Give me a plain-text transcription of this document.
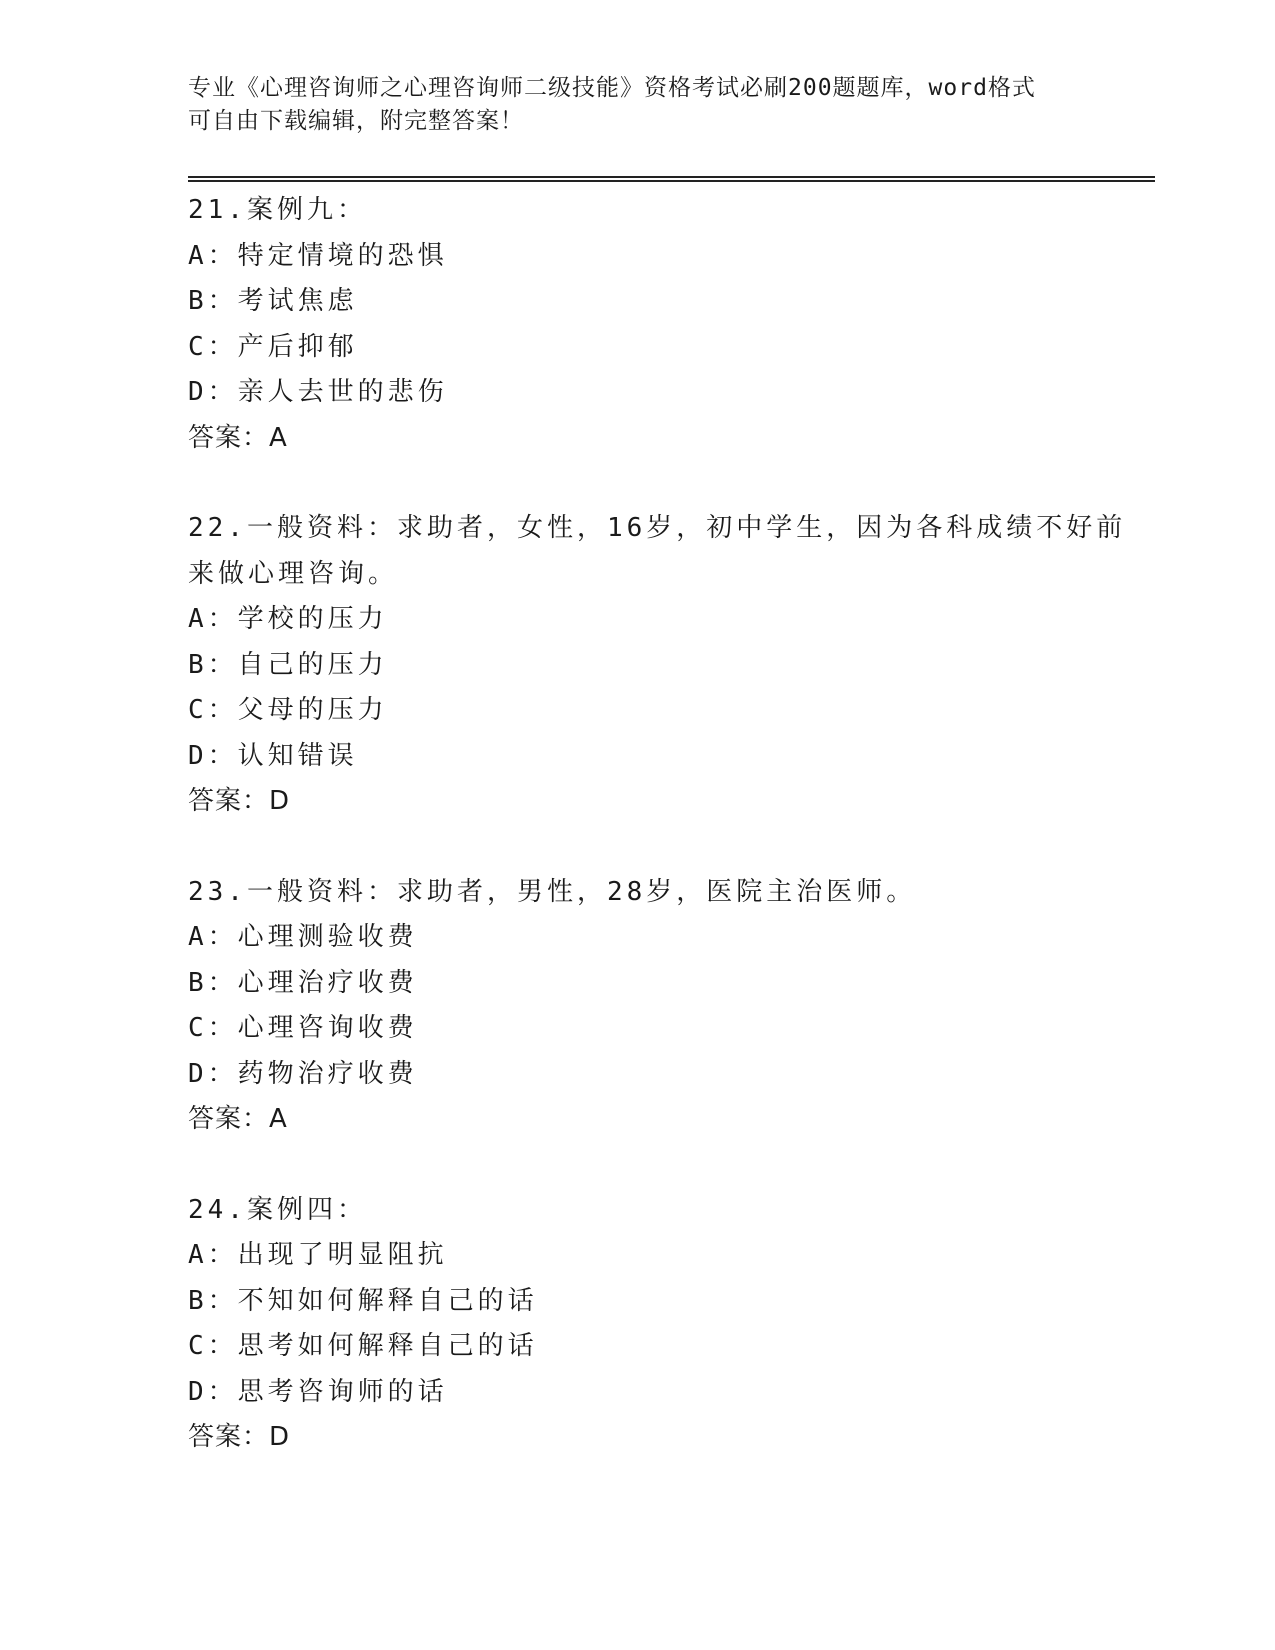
专业《心理咨询师之心理咨询师二级技能》资格考试必刷200题题库，word格式
可自由下载编辑，附完整答案！
21.案例九：
A：特定情境的恐惧
B：考试焦虑
C：产后抑郁
D：亲人去世的悲伤
答案：A
22.一般资料：求助者，女性，16岁，初中学生，因为各科成绩不好前
来做心理咨询。
A：学校的压力
B：自己的压力
C：父母的压力
D：认知错误
答案：D
23.一般资料：求助者，男性，28岁，医院主治医师。
A：心理测验收费
B：心理治疗收费
C：心理咨询收费
D：药物治疗收费
答案：A
24.案例四：
A：出现了明显阻抗
B：不知如何解释自己的话
C：思考如何解释自己的话
D：思考咨询师的话
答案：D
